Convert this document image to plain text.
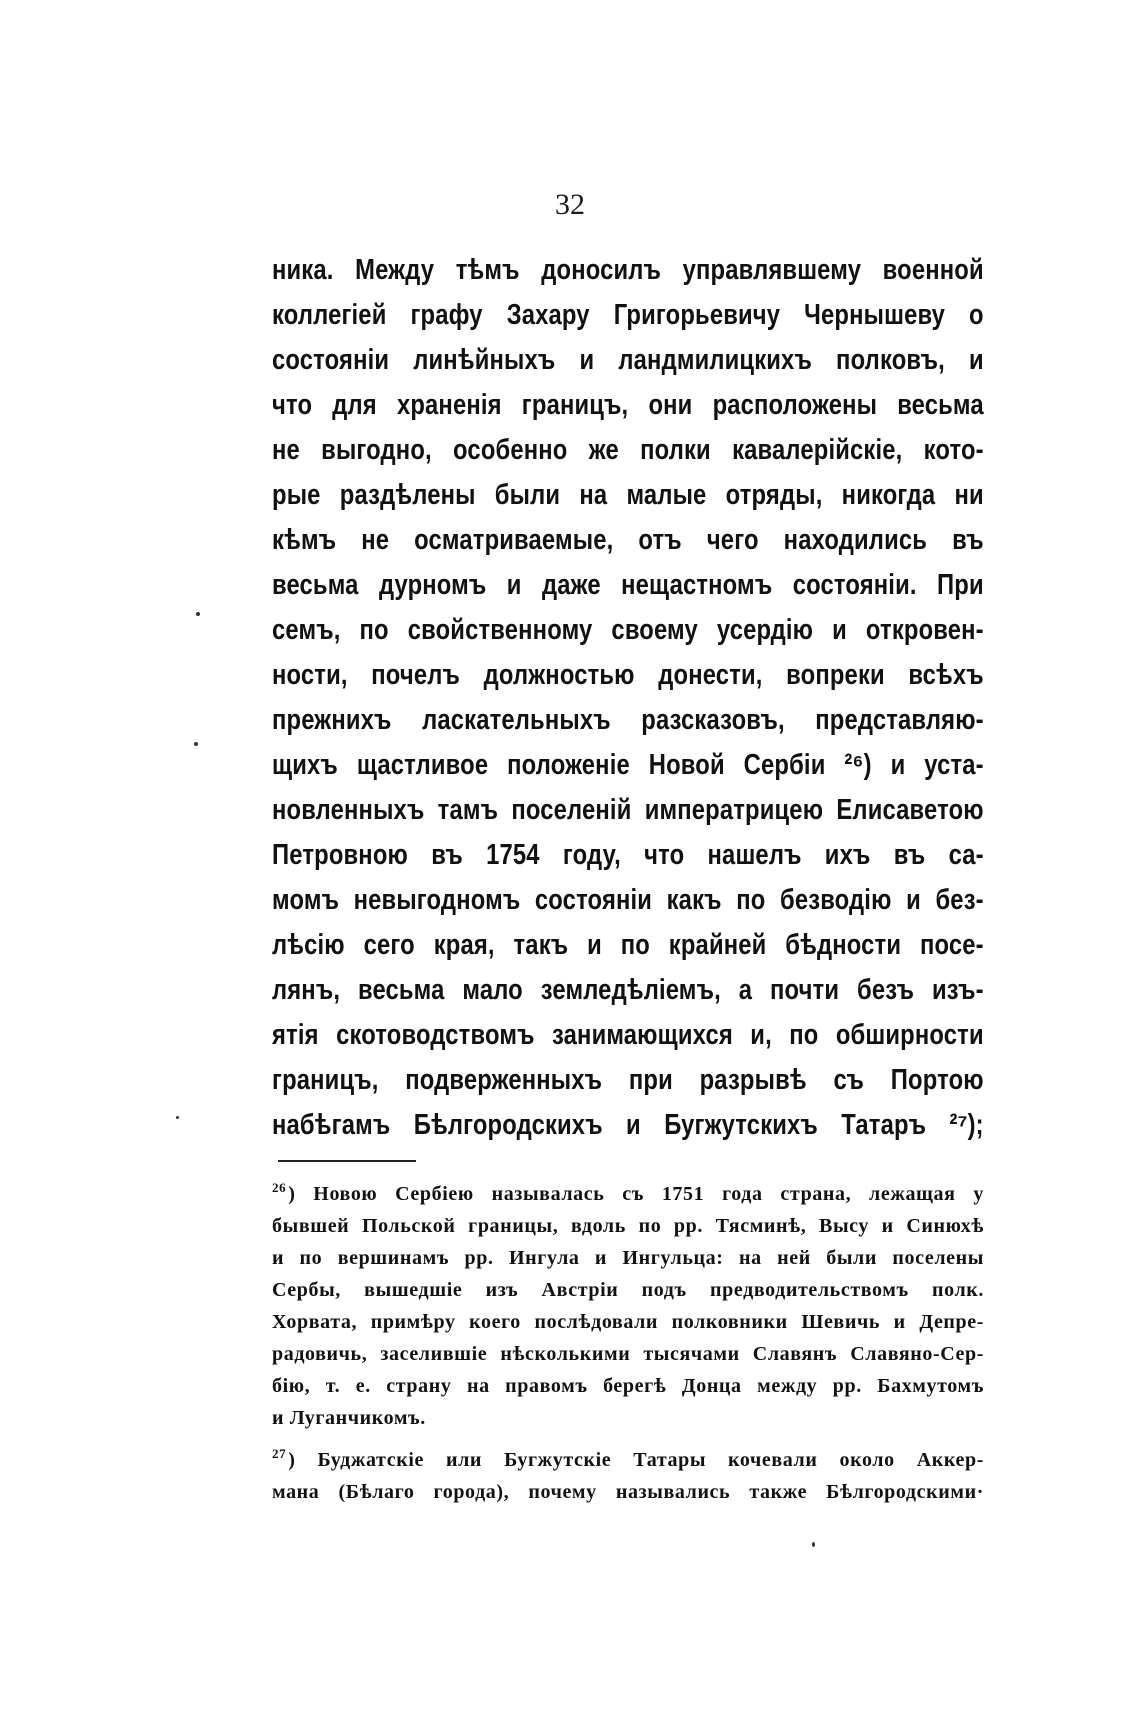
32
ника. Между тѣмъ доносилъ управлявшему военной
коллегіей графу Захару Григорьевичу Чернышеву о
состояніи линѣйныхъ и ландмилицкихъ полковъ, и
что для храненія границъ, они расположены весьма
не выгодно, особенно же полки кавалерійскіе, кото-
рые раздѣлены были на малые отряды, никогда ни
кѣмъ не осматриваемые, отъ чего находились въ
весьма дурномъ и даже нещастномъ состояніи. При
семъ, по свойственному своему усердію и откровен-
ности, почелъ должностью донести, вопреки всѣхъ
прежнихъ ласкательныхъ разсказовъ, представляю-
щихъ щастливое положеніе Новой Сербіи ²⁶) и уста-
новленныхъ тамъ поселеній императрицею Елисаветою
Петровною въ 1754 году, что нашелъ ихъ въ са-
момъ невыгодномъ состояніи какъ по безводію и без-
лѣсію сего края, такъ и по крайней бѣдности посе-
лянъ, весьма мало земледѣліемъ, а почти безъ изъ-
ятія скотоводствомъ занимающихся и, по обширности
границъ, подверженныхъ при разрывѣ съ Портою
набѣгамъ Бѣлгородскихъ и Бугжутскихъ Татаръ ²⁷);
$^{26}$ ) Новою Сербіею называлась съ 1751 года страна, лежащая у
бывшей Польской границы, вдоль по рр. Тясминѣ, Высу и Синюхѣ
и по вершинамъ рр. Ингула и Ингульца: на ней были поселены
Сербы, вышедшіе изъ Австріи подъ предводительствомъ полк.
Хорвата, примѣру коего послѣдовали полковники Шевичь и Депре-
радовичь, заселившіе нѣсколькими тысячами Славянъ Славяно-Сер-
бію, т. е. страну на правомъ берегѣ Донца между рр. Бахмутомъ
и Луганчикомъ.
$^{27}$ ) Буджатскіе или Бугжутскіе Татары кочевали около Аккер-
мана (Бѣлаго города), почему назывались также Бѣлгородскими·
